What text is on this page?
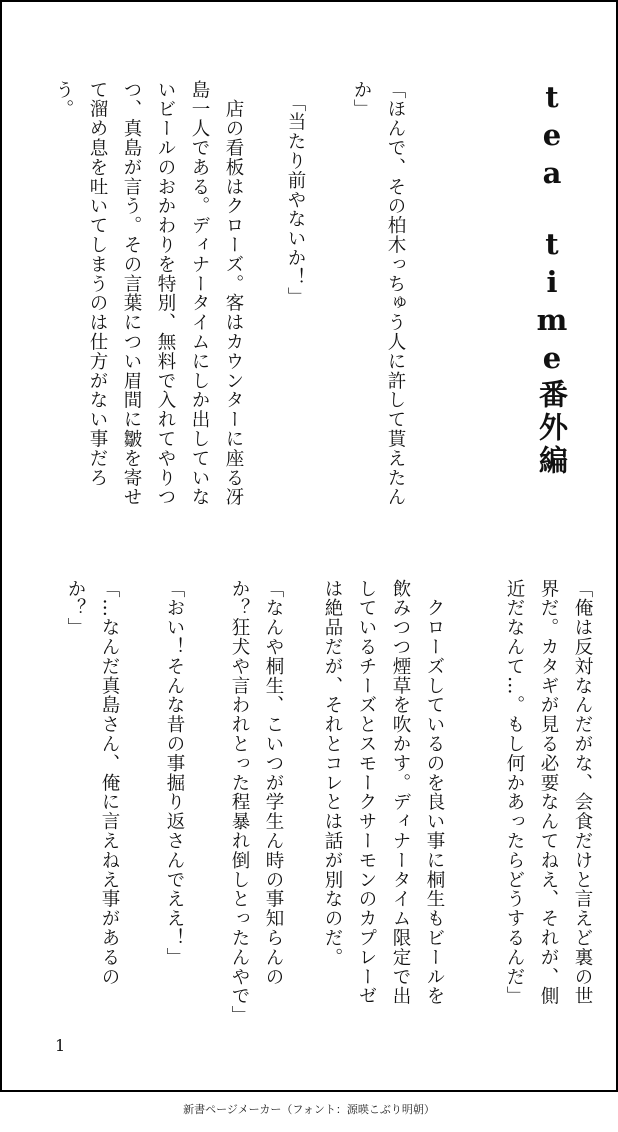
tea　time番外編

「ほんで、その柏木っちゅう人に許して貰えたんか」

「当たり前やないか！」

　店の看板はクローズ。客はカウンターに座る冴島一人である。ディナータイムにしか出していないビールのおかわりを特別、無料で入れてやりつつ、真島が言う。その言葉につい眉間に皺を寄せて溜め息を吐いてしまうのは仕方がない事だろう。

「俺は反対なんだがな、会食だけと言えど裏の世界だ。カタギが見る必要なんてねえ、それが、側近だなんて…。もし何かあったらどうするんだ」

　クローズしているのを良い事に桐生もビールを飲みつつ煙草を吹かす。ディナータイム限定で出しているチーズとスモークサーモンのカプレーゼは絶品だが、それとコレとは話が別なのだ。

「なんや桐生、こいつが学生ん時の事知らんのか？狂犬や言われとった程暴れ倒しとったんやで」

「おい！そんな昔の事掘り返さんでええ！」

「…なんだ真島さん、俺に言えねえ事があるのか？」

1

新書ページメーカー（フォント：源暎こぶり明朝）
